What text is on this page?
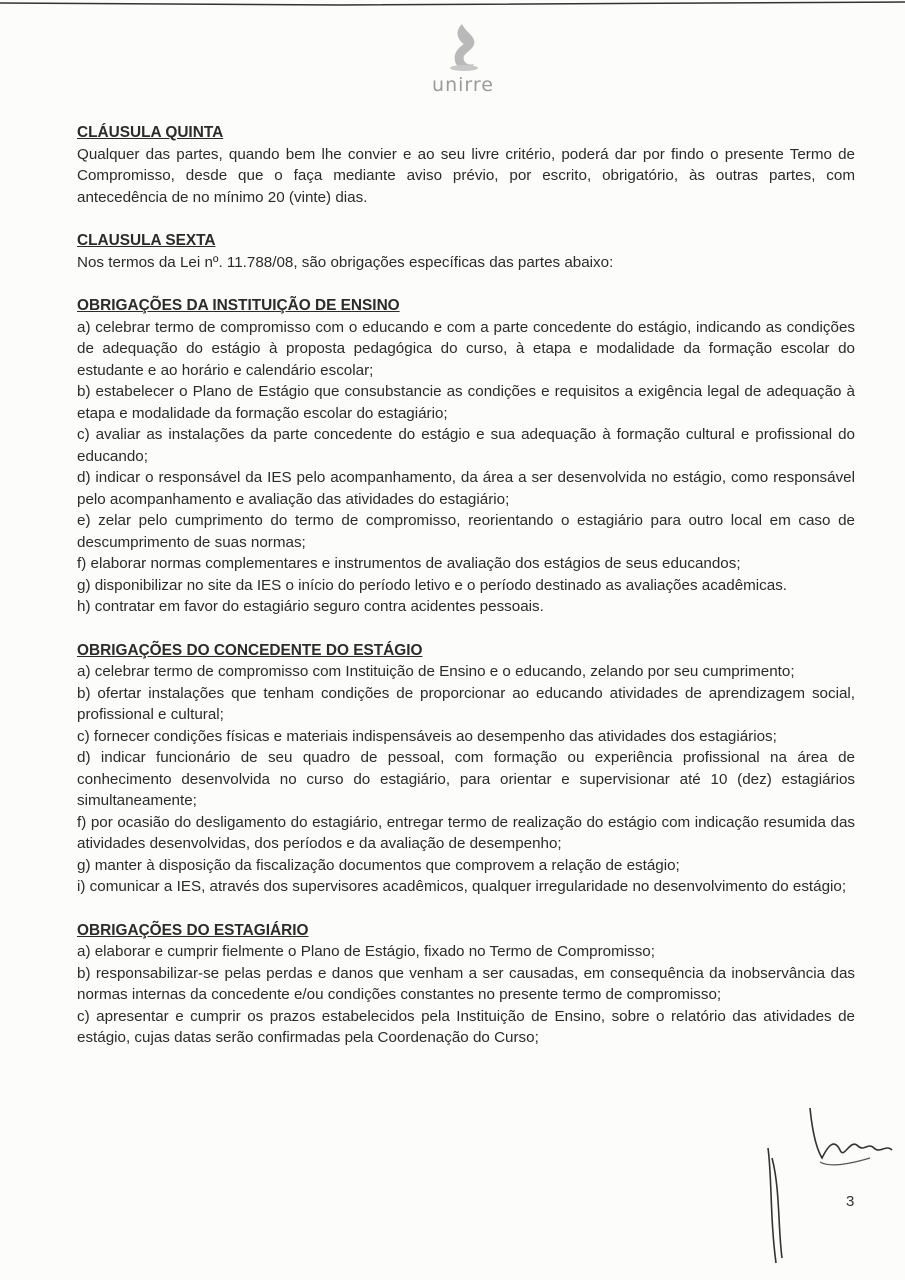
unirre

CLÁUSULA QUINTA

Qualquer das partes, quando bem lhe convier e ao seu livre critério, poderá dar por findo o presente Termo de Compromisso, desde que o faça mediante aviso prévio, por escrito, obrigatório, às outras partes, com antecedência de no mínimo 20 (vinte) dias.

CLAUSULA SEXTA

Nos termos da Lei nº. 11.788/08, são obrigações específicas das partes abaixo:

OBRIGAÇÕES DA INSTITUIÇÃO DE ENSINO

a) celebrar termo de compromisso com o educando e com a parte concedente do estágio, indicando as condições de adequação do estágio à proposta pedagógica do curso, à etapa e modalidade da formação escolar do estudante e ao horário e calendário escolar;

b) estabelecer o Plano de Estágio que consubstancie as condições e requisitos a exigência legal de adequação à etapa e modalidade da formação escolar do estagiário;

c) avaliar as instalações da parte concedente do estágio e sua adequação à formação cultural e profissional do educando;

d) indicar o responsável da IES pelo acompanhamento, da área a ser desenvolvida no estágio, como responsável pelo acompanhamento e avaliação das atividades do estagiário;

e) zelar pelo cumprimento do termo de compromisso, reorientando o estagiário para outro local em caso de descumprimento de suas normas;

f) elaborar normas complementares e instrumentos de avaliação dos estágios de seus educandos;

g) disponibilizar no site da IES o início do período letivo e o período destinado as avaliações acadêmicas.

h) contratar em favor do estagiário seguro contra acidentes pessoais.

OBRIGAÇÕES DO CONCEDENTE DO ESTÁGIO

a) celebrar termo de compromisso com Instituição de Ensino e o educando, zelando por seu cumprimento;

b) ofertar instalações que tenham condições de proporcionar ao educando atividades de aprendizagem social, profissional e cultural;

c) fornecer condições físicas e materiais indispensáveis ao desempenho das atividades dos estagiários;

d) indicar funcionário de seu quadro de pessoal, com formação ou experiência profissional na área de conhecimento desenvolvida no curso do estagiário, para orientar e supervisionar até 10 (dez) estagiários simultaneamente;

f) por ocasião do desligamento do estagiário, entregar termo de realização do estágio com indicação resumida das atividades desenvolvidas, dos períodos e da avaliação de desempenho;

g) manter à disposição da fiscalização documentos que comprovem a relação de estágio;

i) comunicar a IES, através dos supervisores acadêmicos, qualquer irregularidade no desenvolvimento do estágio;

OBRIGAÇÕES DO ESTAGIÁRIO

a) elaborar e cumprir fielmente o Plano de Estágio, fixado no Termo de Compromisso;

b) responsabilizar-se pelas perdas e danos que venham a ser causadas, em consequência da inobservância das normas internas da concedente e/ou condições constantes no presente termo de compromisso;

c) apresentar e cumprir os prazos estabelecidos pela Instituição de Ensino, sobre o relatório das atividades de estágio, cujas datas serão confirmadas pela Coordenação do Curso;

3
